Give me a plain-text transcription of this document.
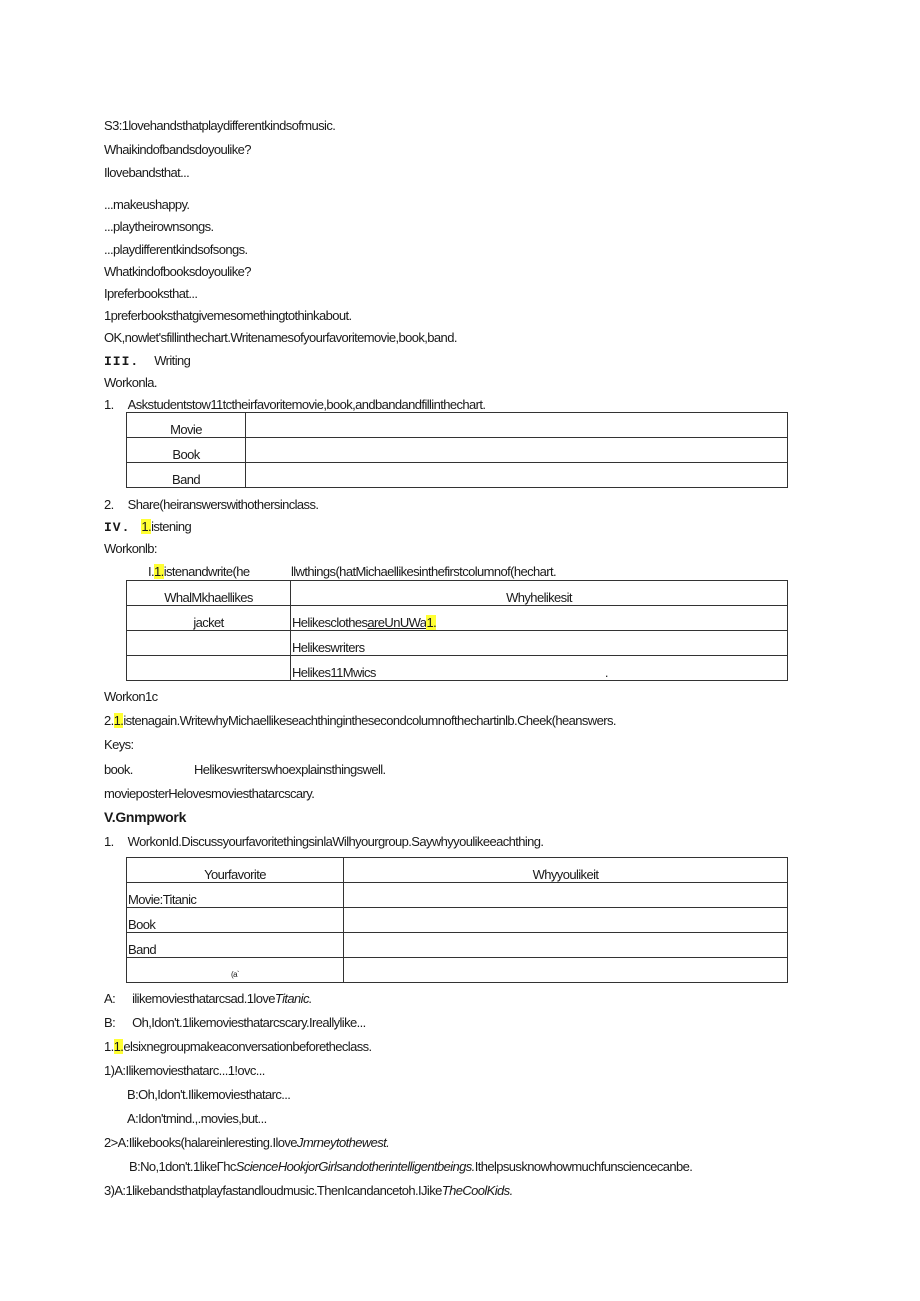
S3:1lovehandsthatplaydifferentkindsofmusic.
Whaikindofbandsdoyoulike?
Ilovebandsthat...
...makeushappy.
...playtheirownsongs.
...playdifferentkindsofsongs.
Whatkindofbooksdoyoulike?
Ipreferbooksthat...
1preferbooksthatgivemesomethingtothinkabout.
OK,nowlet'sfillinthechart.Writenamesofyourfavoritemovie,book,band.
III. Writing
Workonla.
1. Askstudentstow11tctheirfavoritemovie,book,andbandandfillinthechart.
Movie	
Book	
Band	
2. Share(heiranswerswithothersinclass.
IV. 1.istening
Workonlb:
I.1.istenandwrite(he	llwthings(hatMichaellikesinthefirstcolumnof(hechart.
WhalMkhaellikes	Whyhelikesit
jacket	HelikesclothesareUnUWa1.
	Helikeswriters
	Helikes11Mwics .
Workon1c
2.1.istenagain.WritewhyMichaellikeseachthinginthesecondcolumnofthechartinlb.Cheek(heanswers.
Keys:
book.	Helikeswriterswhoexplainsthingswell.
movieposterHelovesmoviesthatarcscary.
V.Gnmpwork
1. WorkonId.DiscussyourfavoritethingsinlaWilhyourgroup.Saywhyyoulikeeachthing.
Yourfavorite	Whyyoulikeit
Movie:Titanic	
Book	
Band	
(a`	
A: ilikemoviesthatarcsad.1loveTitanic.
B: Oh,Idon't.1likemoviesthatarcscary.Ireallylike...
1.1.elsixnegroupmakeaconversationbeforetheclass.
1)A:Ilikemoviesthatarc...1!ovc...
B:Oh,Idon't.Ilikemoviesthatarc...
A:Idon'tmind.,.movies,but...
2>A:Ilikebooks(halareinleresting.IloveJmrneytothewest.
B:No,1don't.1likeΓhcScienceHookjorGirlsandotherintelligentbeings.Ithelpsusknowhowmuchfunsciencecanbe.
3)A:1likebandsthatplayfastandloudmusic.ThenIcandancetoh.IJikeTheCoolKids.
